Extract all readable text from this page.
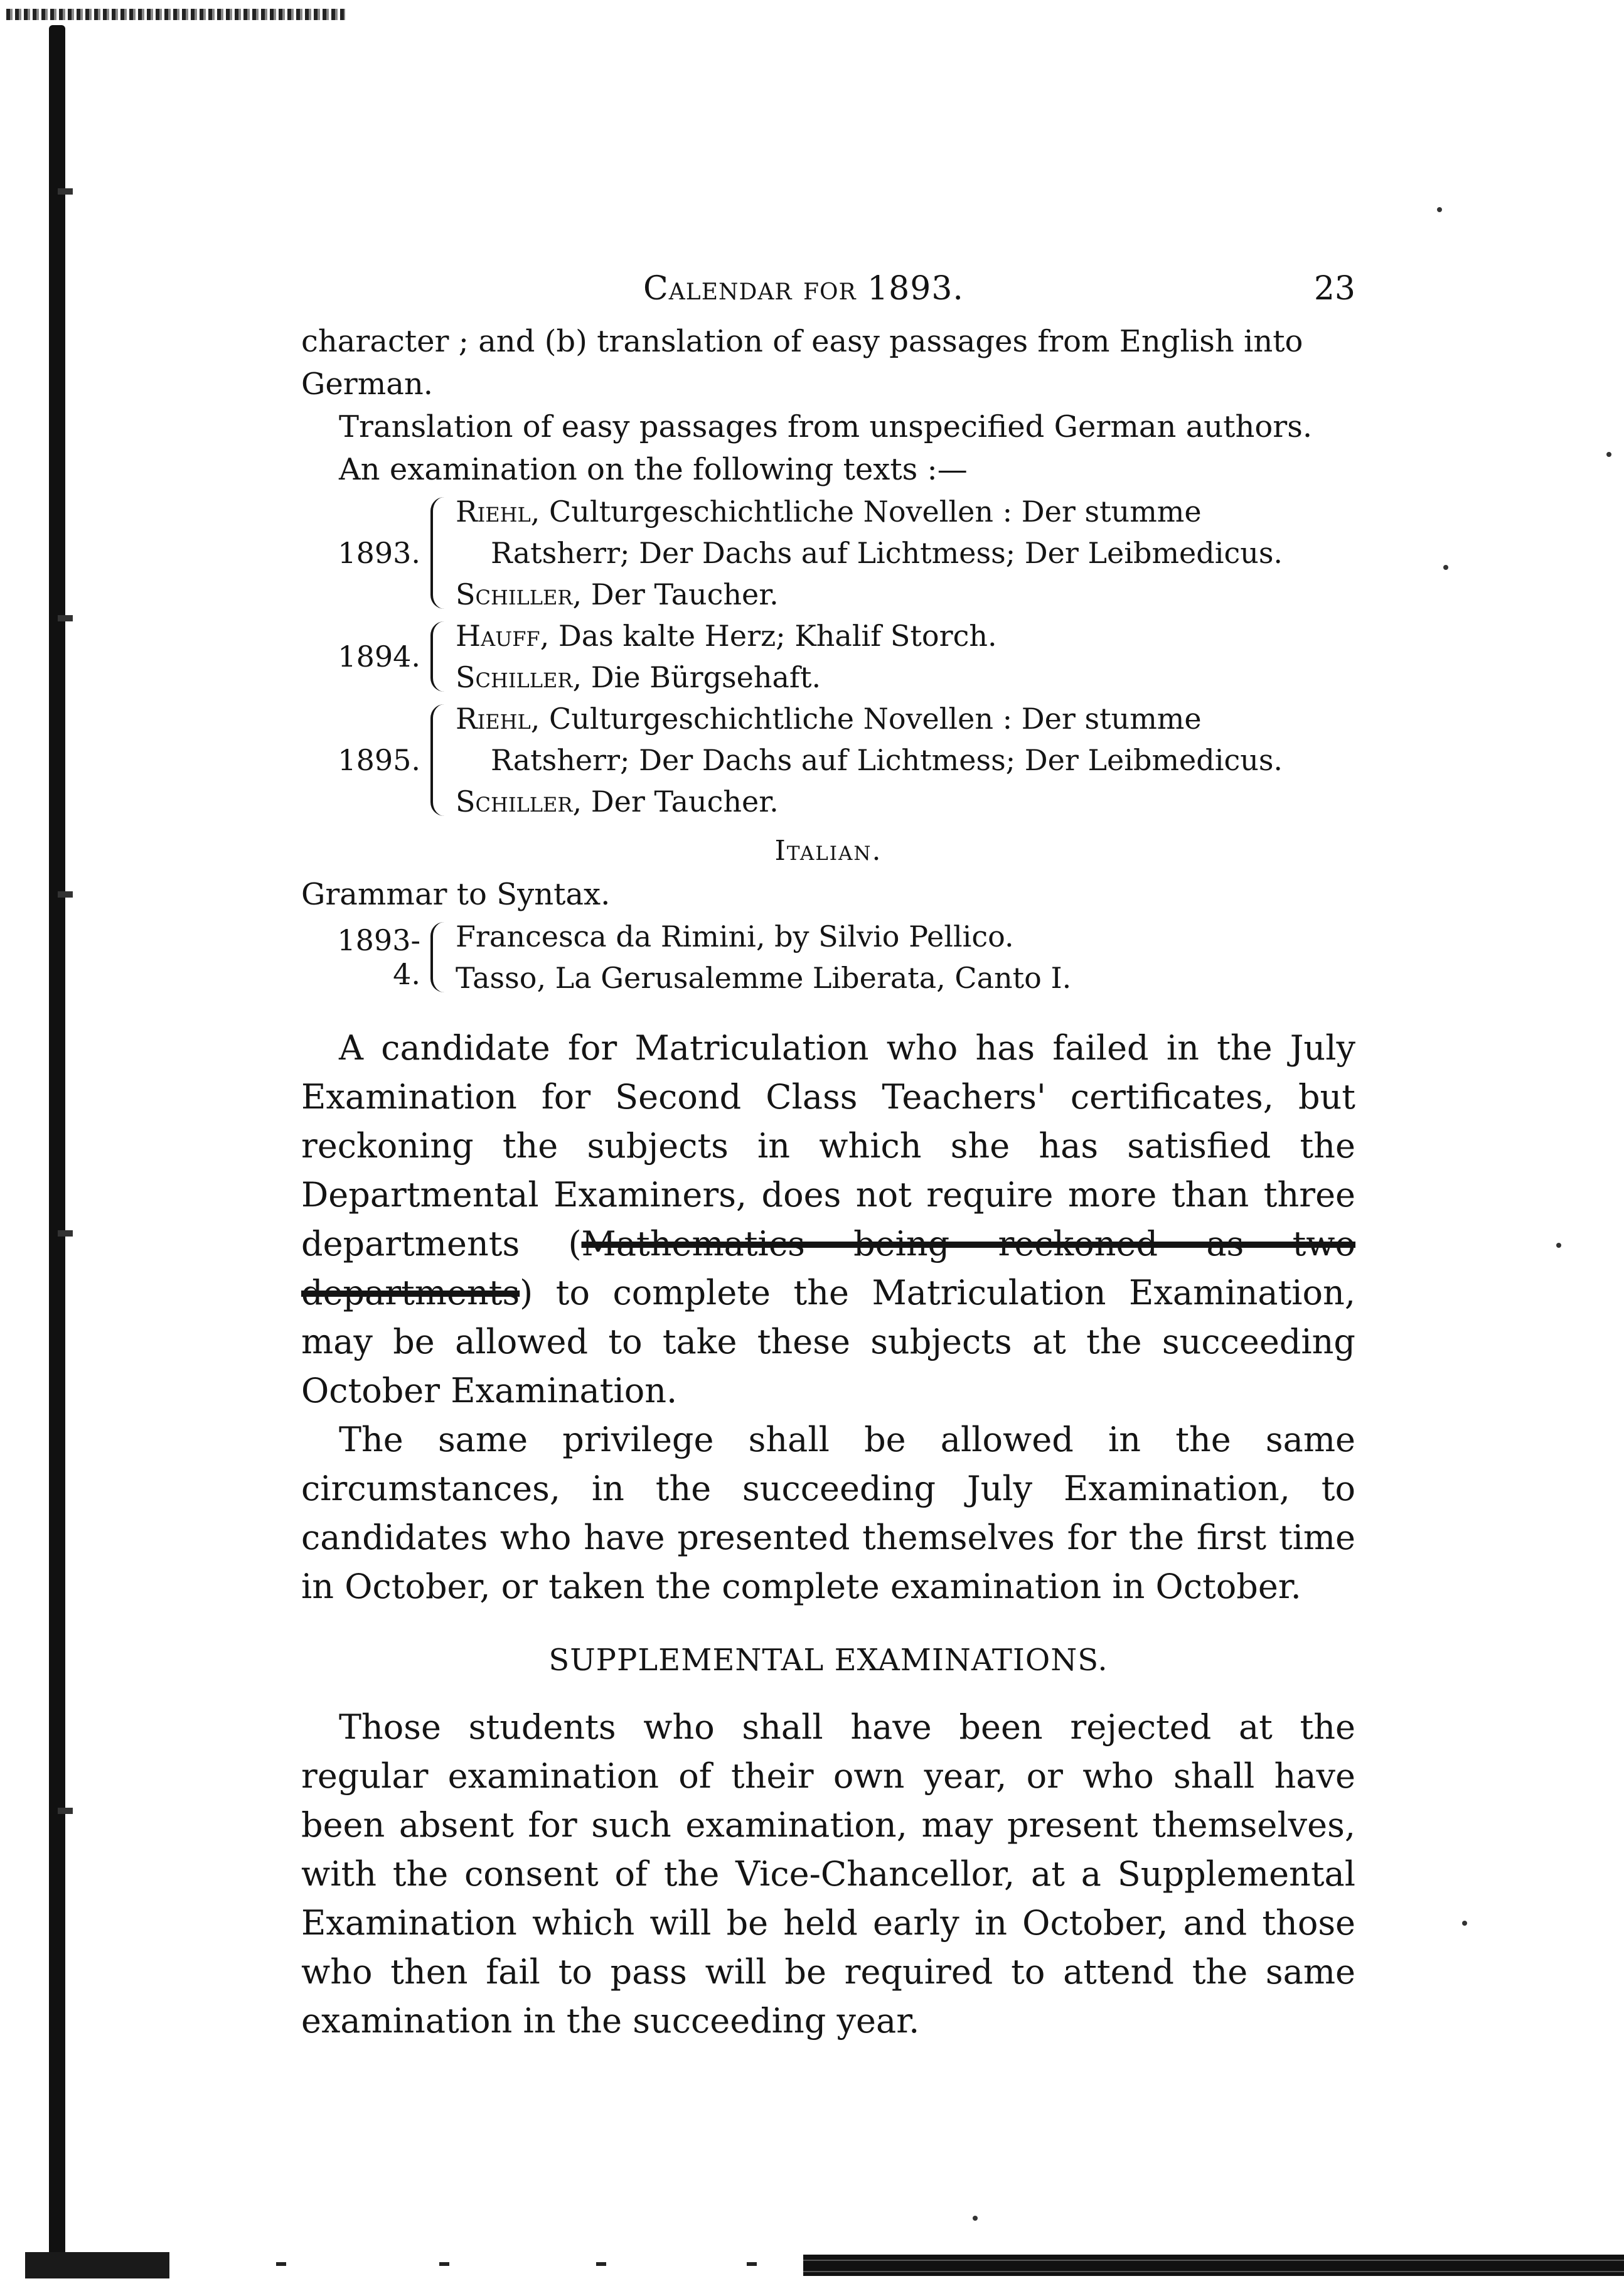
Calendar for 1893.	23

character ; and (b) translation of easy passages from English into

German.

Translation of easy passages from unspecified German authors.

An examination on the following texts :—

1893.

Riehl, Culturgeschichtliche Novellen : Der stumme

Ratsherr; Der Dachs auf Lichtmess; Der Leibmedicus.

Schiller, Der Taucher.

1894.

Hauff, Das kalte Herz; Khalif Storch.

Schiller, Die Bürgsehaft.

1895.

Riehl, Culturgeschichtliche Novellen : Der stumme

Ratsherr; Der Dachs auf Lichtmess; Der Leibmedicus.

Schiller, Der Taucher.

Italian.

Grammar to Syntax.

1893-4.

Francesca da Rimini, by Silvio Pellico.

Tasso, La Gerusalemme Liberata, Canto I.

A candidate for Matriculation who has failed in the July Examination for Second Class Teachers' certificates, but reckoning the subjects in which she has satisfied the Departmental Examiners, does not require more than three departments (Mathematics being reckoned as two departments) to complete the Matriculation Examination, may be allowed to take these subjects at the succeeding October Examination.

The same privilege shall be allowed in the same circumstances, in the succeeding July Examination, to candidates who have presented themselves for the first time in October, or taken the complete examination in October.

SUPPLEMENTAL EXAMINATIONS.

Those students who shall have been rejected at the regular examination of their own year, or who shall have been absent for such examination, may present themselves, with the consent of the Vice-Chancellor, at a Supplemental Examination which will be held early in October, and those who then fail to pass will be required to attend the same examination in the succeeding year.
